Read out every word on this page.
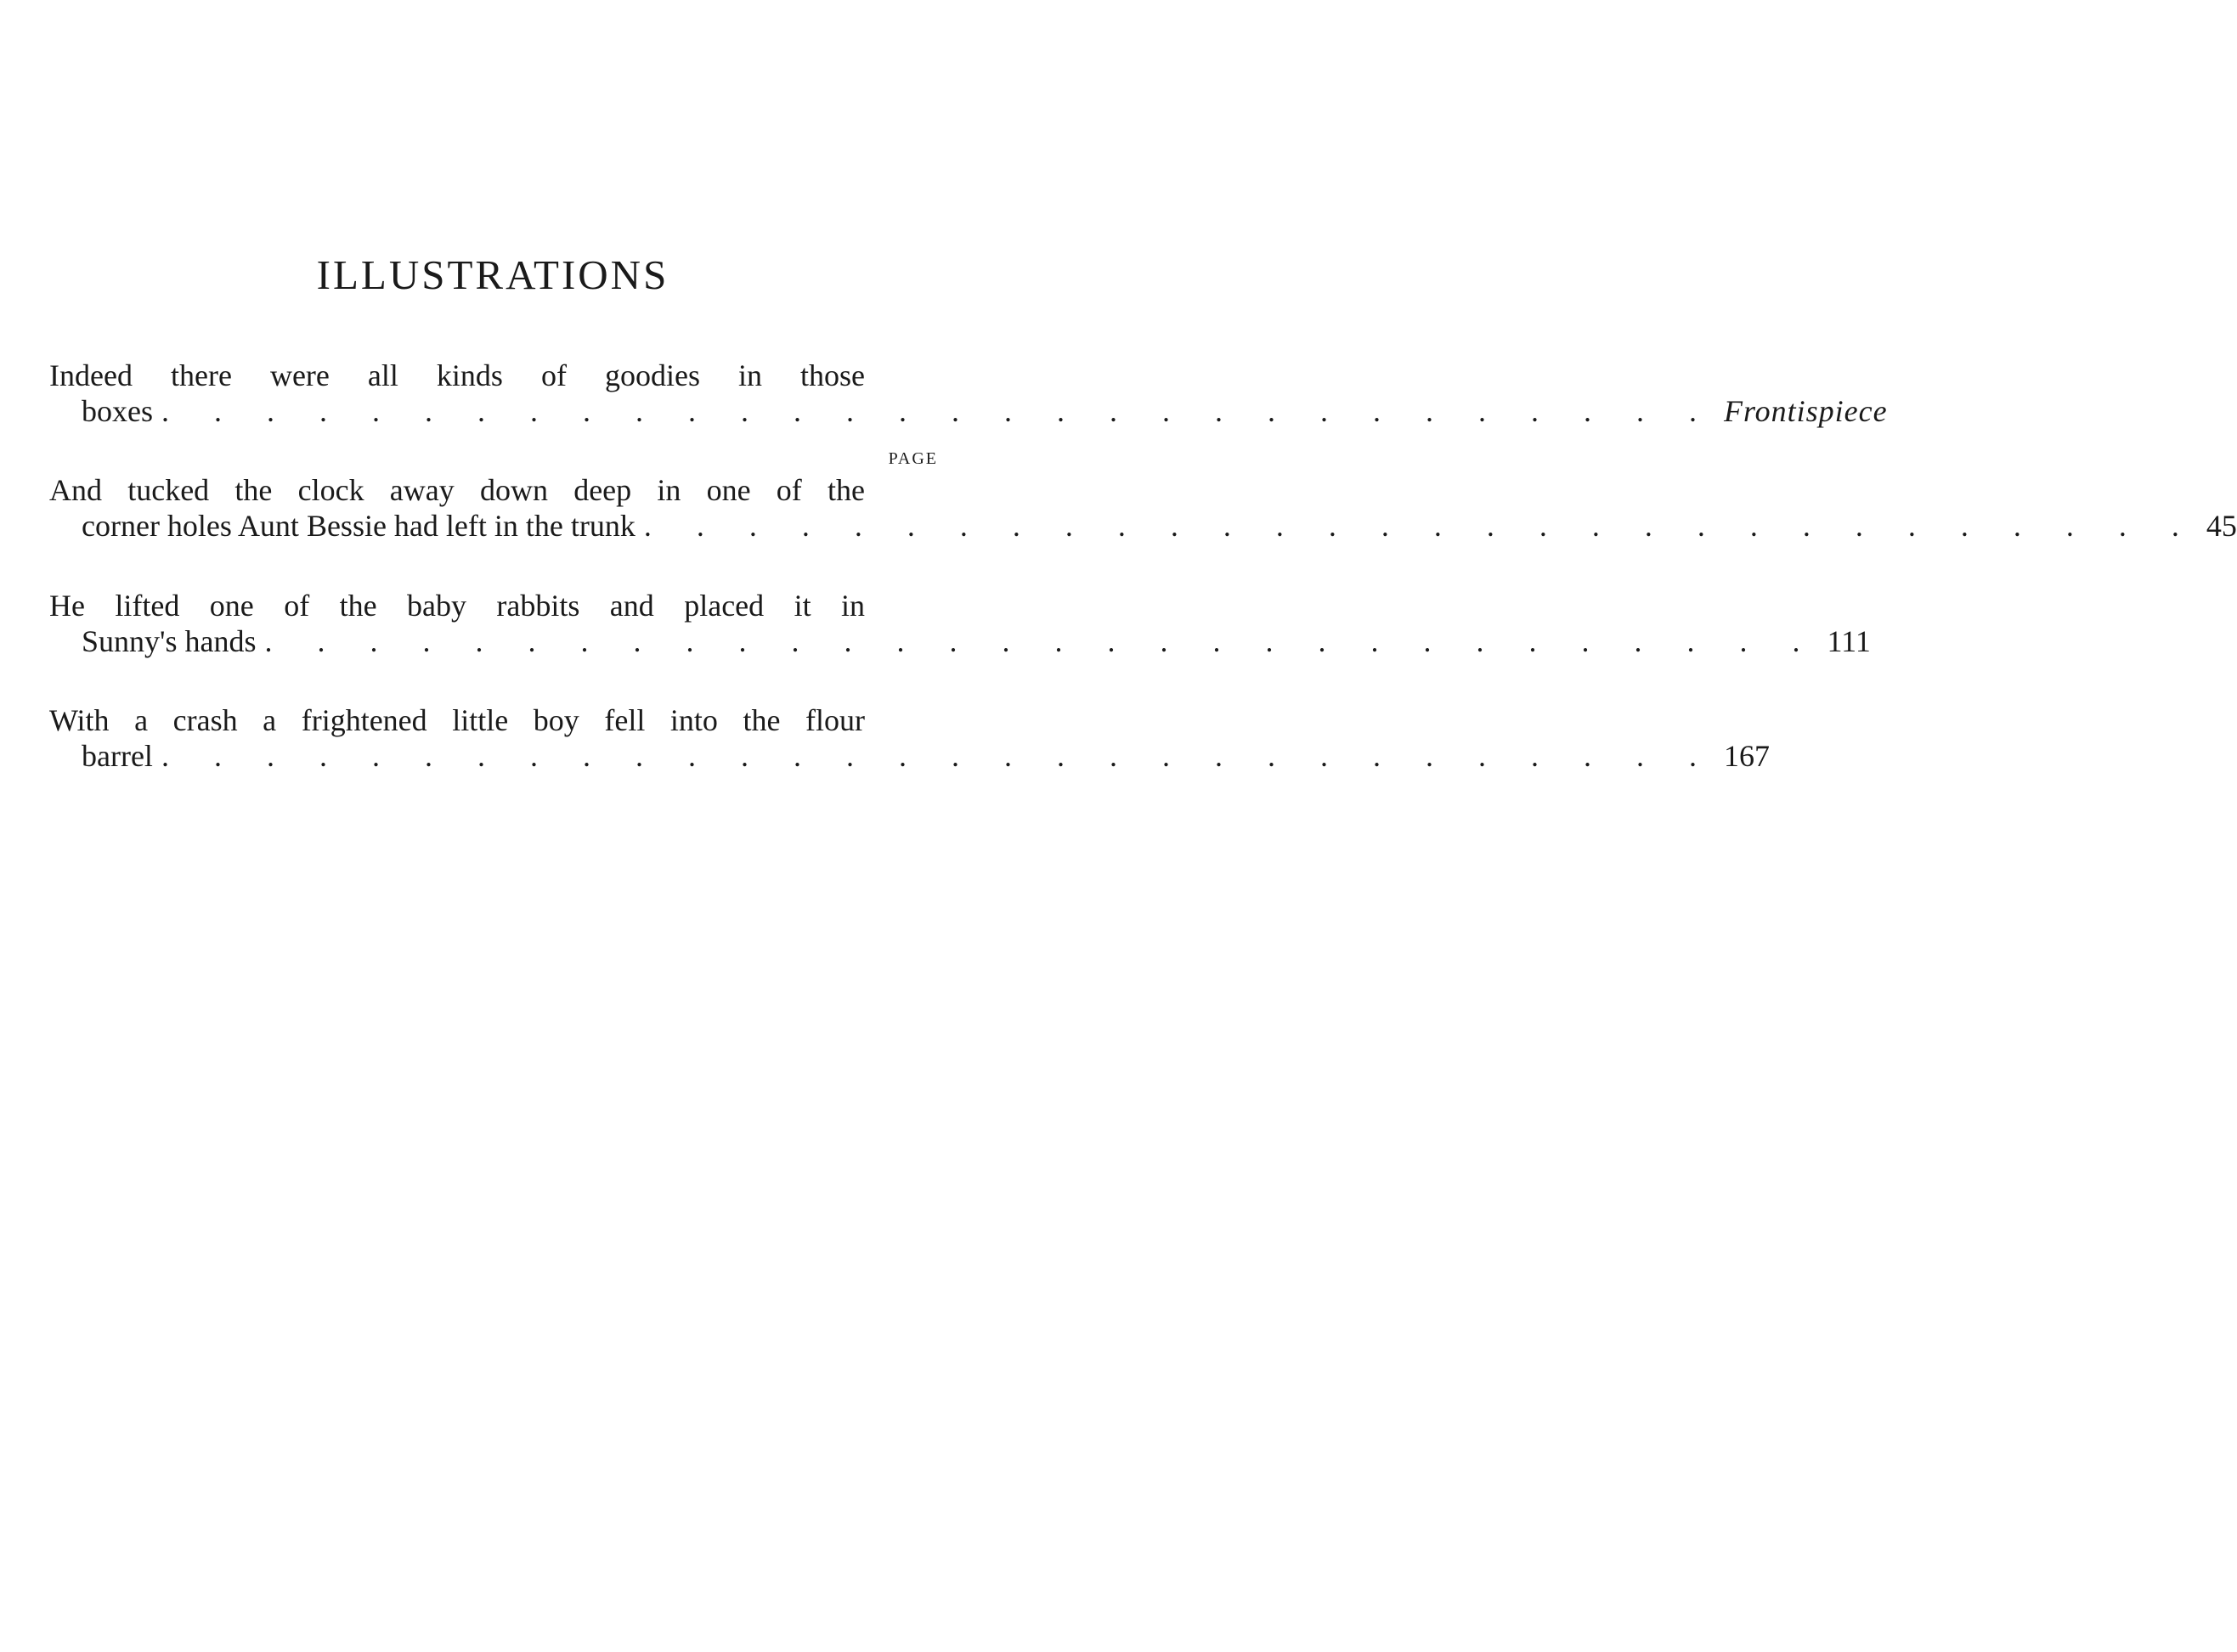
ILLUSTRATIONS
PAGE
Indeed there were all kinds of goodies in those
boxes . . . . . . . . . . . . . . . . . . . . . . . . . . . . . . Frontispiece
And tucked the clock away down deep in one of the
corner holes Aunt Bessie had left in the trunk . . . . . . . . . . . . . . . . . . . . . . . . . . . . . . 45
He lifted one of the baby rabbits and placed it in
Sunny's hands . . . . . . . . . . . . . . . . . . . . . . . . . . . . . . 111
With a crash a frightened little boy fell into the flour
barrel . . . . . . . . . . . . . . . . . . . . . . . . . . . . . . 167
